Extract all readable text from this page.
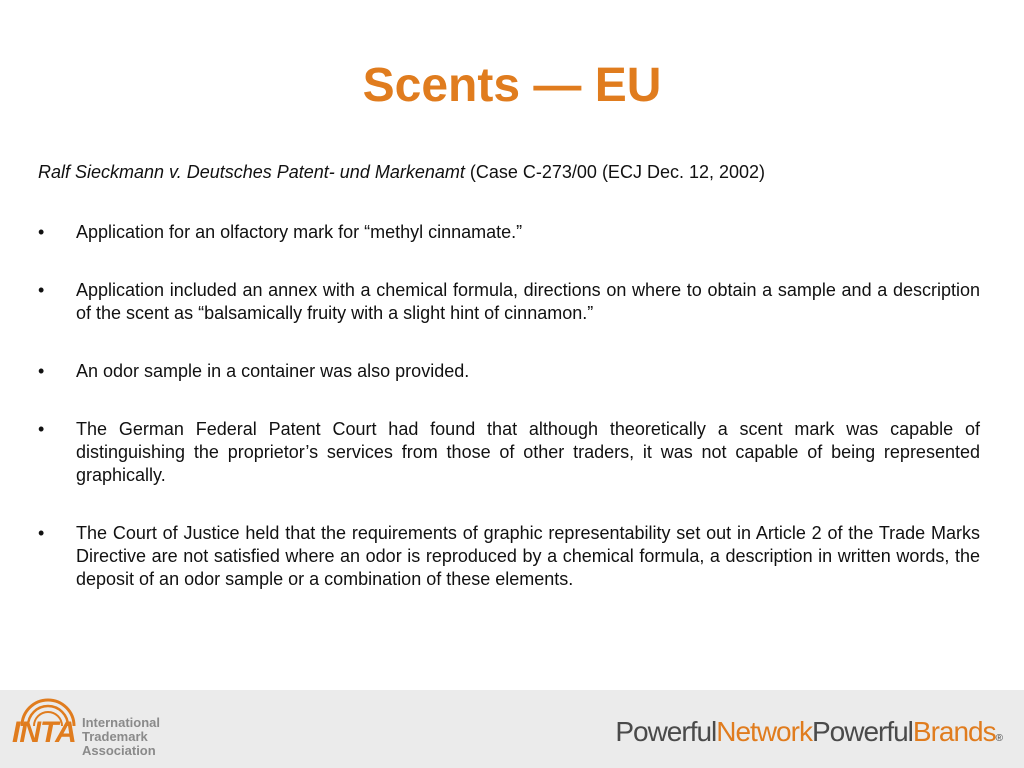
Scents — EU

Ralf Sieckmann v. Deutsches Patent- und Markenamt (Case C-273/00 (ECJ Dec. 12, 2002)

• Application for an olfactory mark for “methyl cinnamate.”
• Application included an annex with a chemical formula, directions on where to obtain a sample and a description of the scent as “balsamically fruity with a slight hint of cinnamon.”
• An odor sample in a container was also provided.
• The German Federal Patent Court had found that although theoretically a scent mark was capable of distinguishing the proprietor’s services from those of other traders, it was not capable of being represented graphically.
• The Court of Justice held that the requirements of graphic representability set out in Article 2 of the Trade Marks Directive are not satisfied where an odor is reproduced by a chemical formula, a description in written words, the deposit of an odor sample or a combination of these elements.
INTA International
Trademark
Association
PowerfulNetworkPowerfulBrands®
